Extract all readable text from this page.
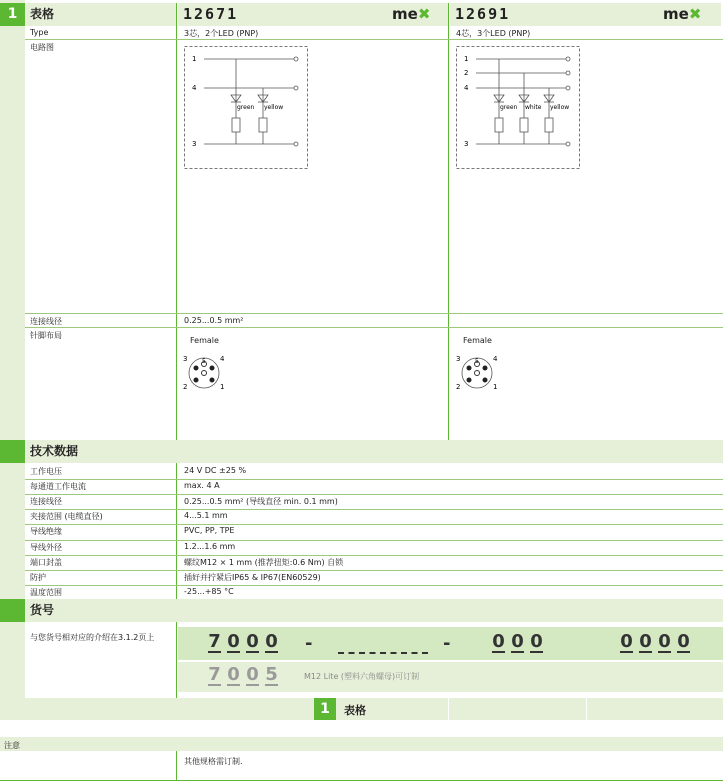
1	表格	12671	me✖	12691	me✖
Type	3芯，2个LED (PNP)	4芯，3个LED (PNP)
电路图
1
4
3
green yellow
1
2
4
3
green white yellow
连接线径	0.25...0.5 mm²
针脚布局
Female
3 5 4
2	1
Female
3 5 4
2	1
技术数据
工作电压	24 V DC ±25 %
每通道工作电流	max. 4 A
连接线径	0.25...0.5 mm² (导线直径 min. 0.1 mm)
夹接范围 (电缆直径)	4...5.1 mm
导线绝缘	PVC, PP, TPE
导线外径	1.2...1.6 mm
端口封盖	螺纹M12 × 1 mm (推荐扭矩:0.6 Nm) 自锁
防护	插好并拧紧后IP65 & IP67(EN60529)
温度范围	-25...+85 °C
货号
与您货号相对应的介绍在3.1.2页上	7 0 0 0 -	- 0 0 0	0 0 0 0
7 0 0 5	M12 Lite (塑料六角螺母)可订制
1	表格
注意
其他规格需订制.
